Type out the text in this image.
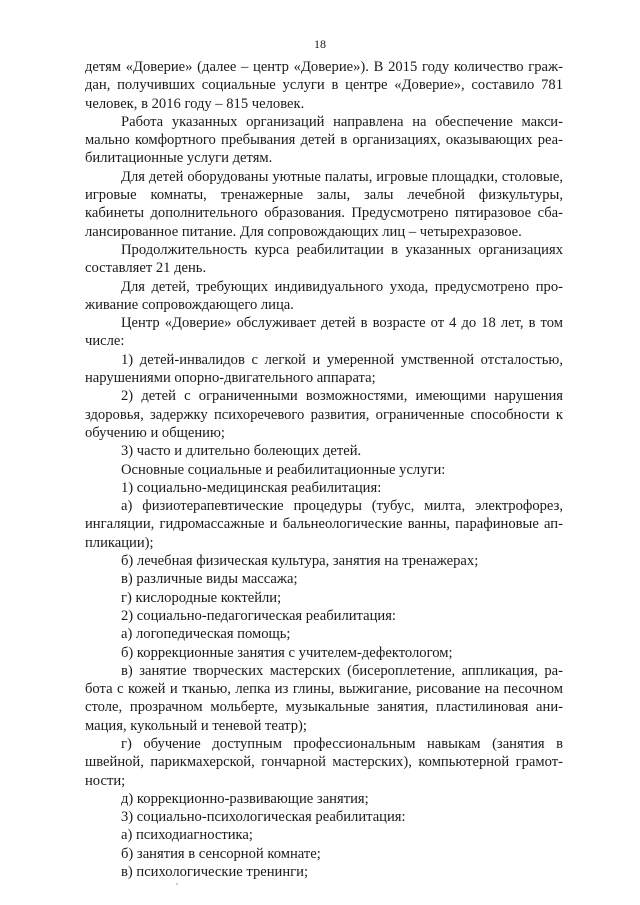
18

детям «Доверие» (далее – центр «Доверие»). В 2015 году количество граждан, получивших социальные услуги в центре «Доверие», составило 781 человек, в 2016 году – 815 человек.

Работа указанных организаций направлена на обеспечение максимально комфортного пребывания детей в организациях, оказывающих реабилитационные услуги детям.

Для детей оборудованы уютные палаты, игровые площадки, столовые, игровые комнаты, тренажерные залы, залы лечебной физкультуры, кабинеты дополнительного образования. Предусмотрено пятиразовое сбалансированное питание. Для сопровождающих лиц – четырехразовое.

Продолжительность курса реабилитации в указанных организациях составляет 21 день.

Для детей, требующих индивидуального ухода, предусмотрено проживание сопровождающего лица.

Центр «Доверие» обслуживает детей в возрасте от 4 до 18 лет, в том числе:

1) детей-инвалидов с легкой и умеренной умственной отсталостью, нарушениями опорно-двигательного аппарата;

2) детей с ограниченными возможностями, имеющими нарушения здоровья, задержку психоречевого развития, ограниченные способности к обучению и общению;

3) часто и длительно болеющих детей.

Основные социальные и реабилитационные услуги:

1) социально-медицинская реабилитация:

а) физиотерапевтические процедуры (тубус, милта, электрофорез, ингаляции, гидромассажные и бальнеологические ванны, парафиновые аппликации);

б) лечебная физическая культура, занятия на тренажерах;

в) различные виды массажа;

г) кислородные коктейли;

2) социально-педагогическая реабилитация:

а) логопедическая помощь;

б) коррекционные занятия с учителем-дефектологом;

в) занятие творческих мастерских (бисероплетение, аппликация, работа с кожей и тканью, лепка из глины, выжигание, рисование на песочном столе, прозрачном мольберте, музыкальные занятия, пластилиновая анимация, кукольный и теневой театр);

г) обучение доступным профессиональным навыкам (занятия в швейной, парикмахерской, гончарной мастерских), компьютерной грамотности;

д) коррекционно-развивающие занятия;

3) социально-психологическая реабилитация:

а) психодиагностика;

б) занятия в сенсорной комнате;

в) психологические тренинги;
